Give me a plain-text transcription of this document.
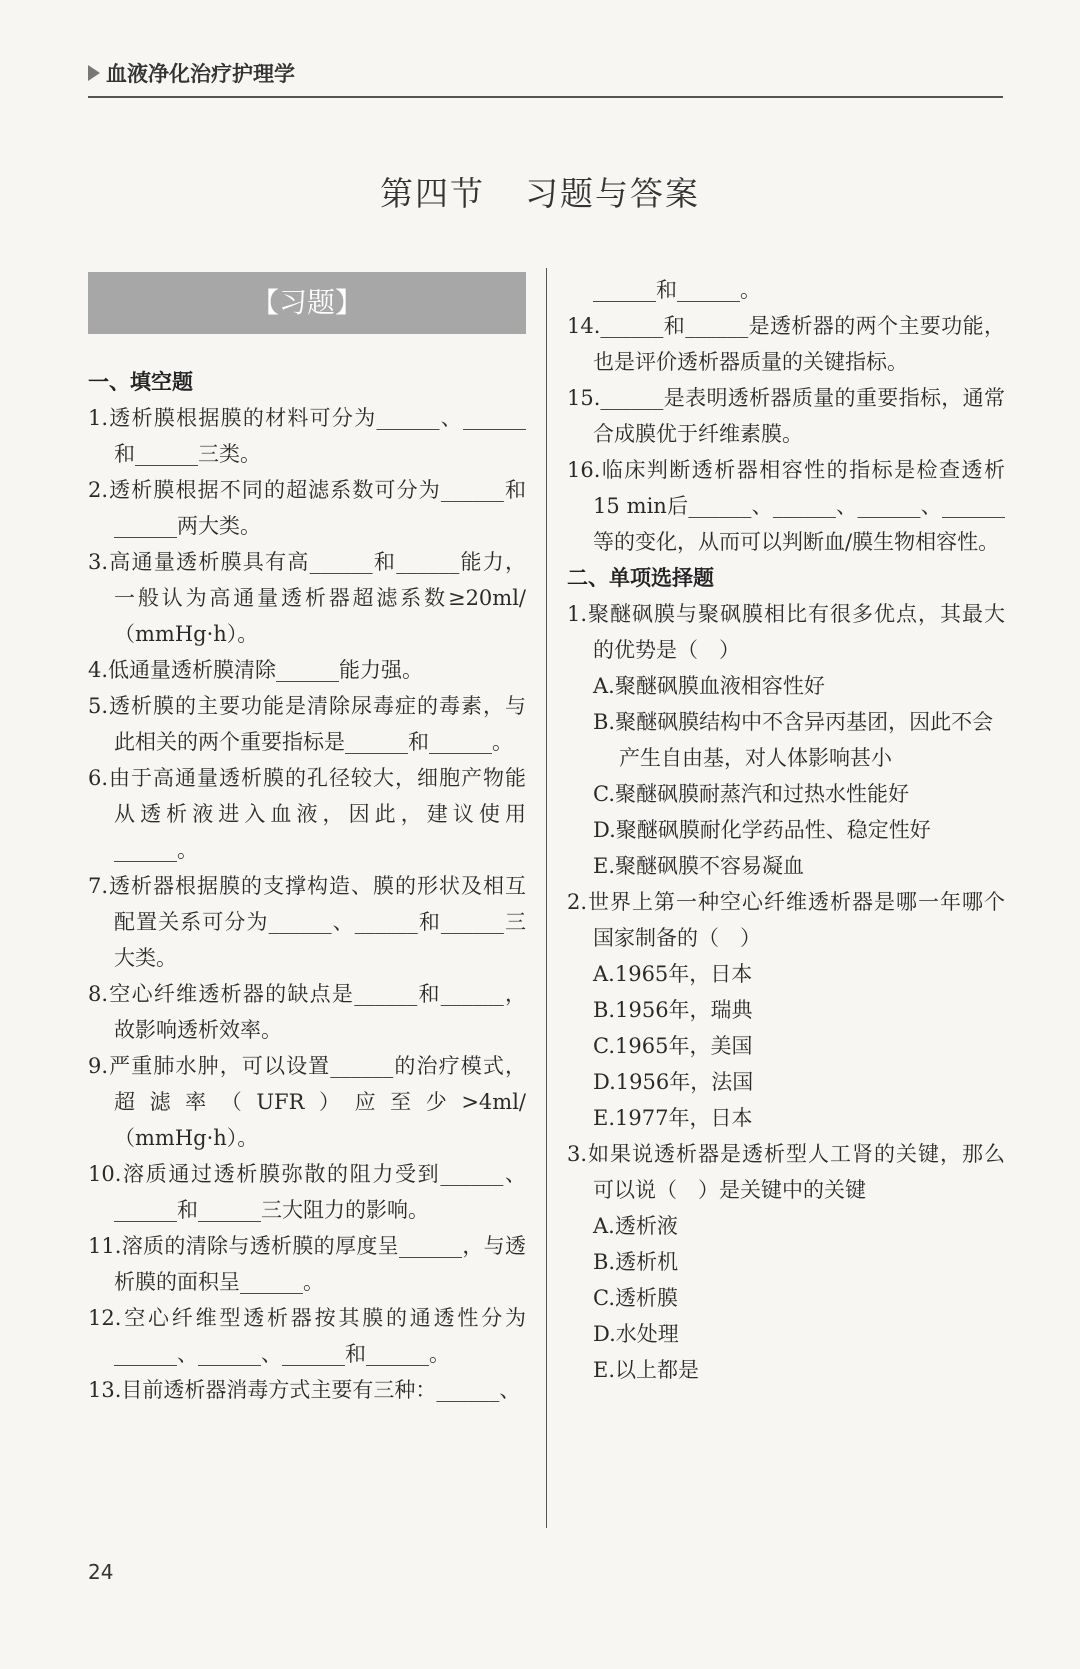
血液净化治疗护理学
第四节 习题与答案
【习题】
一、填空题

1.透析膜根据膜的材料可分为______、______和______三类。

2.透析膜根据不同的超滤系数可分为______和______两大类。

3.高通量透析膜具有高______和______能力，一般认为高通量透析器超滤系数≥20ml/（mmHg·h）。

4.低通量透析膜清除______能力强。

5.透析膜的主要功能是清除尿毒症的毒素，与此相关的两个重要指标是______和______。

6.由于高通量透析膜的孔径较大，细胞产物能从透析液进入血液，因此，建议使用______。

7.透析器根据膜的支撑构造、膜的形状及相互配置关系可分为______、______和______三大类。

8.空心纤维透析器的缺点是______和______，故影响透析效率。

9.严重肺水肿，可以设置______的治疗模式，超滤率（UFR）应至少>4ml/（mmHg·h）。

10.溶质通过透析膜弥散的阻力受到______、______和______三大阻力的影响。

11.溶质的清除与透析膜的厚度呈______，与透析膜的面积呈______。

12.空心纤维型透析器按其膜的通透性分为______、______、______和______。

13.目前透析器消毒方式主要有三种：______、

______和______。

14.______和______是透析器的两个主要功能，也是评价透析器质量的关键指标。

15.______是表明透析器质量的重要指标，通常合成膜优于纤维素膜。

16.临床判断透析器相容性的指标是检查透析15 min后______、______、______、______等的变化，从而可以判断血/膜生物相容性。

二、单项选择题

1.聚醚砜膜与聚砜膜相比有很多优点，其最大的优势是（　）

A.聚醚砜膜血液相容性好

B.聚醚砜膜结构中不含异丙基团，因此不会产生自由基，对人体影响甚小

C.聚醚砜膜耐蒸汽和过热水性能好

D.聚醚砜膜耐化学药品性、稳定性好

E.聚醚砜膜不容易凝血

2.世界上第一种空心纤维透析器是哪一年哪个国家制备的（　）

A.1965年，日本

B.1956年，瑞典

C.1965年，美国

D.1956年，法国

E.1977年，日本

3.如果说透析器是透析型人工肾的关键，那么可以说（　）是关键中的关键

A.透析液

B.透析机

C.透析膜

D.水处理

E.以上都是

24
